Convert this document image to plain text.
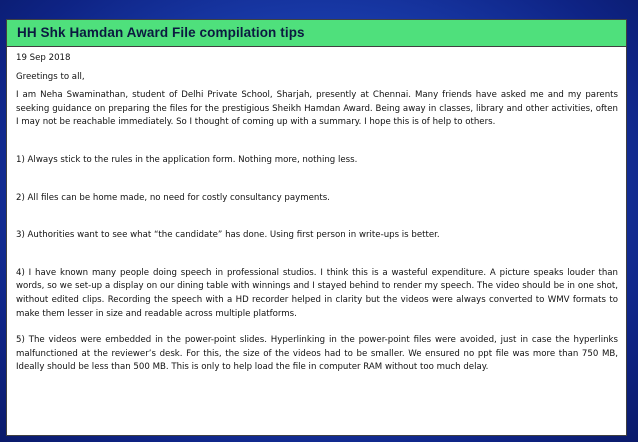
HH Shk Hamdan Award File compilation tips

19 Sep 2018

Greetings to all,

I am Neha Swaminathan, student of Delhi Private School, Sharjah, presently at Chennai. Many friends have asked me and my parents seeking guidance on preparing the files for the prestigious Sheikh Hamdan Award. Being away in classes, library and other activities, often I may not be reachable immediately. So I thought of coming up with a summary. I hope this is of help to others.

1) Always stick to the rules in the application form. Nothing more, nothing less.

2) All files can be home made, no need for costly consultancy payments.

3) Authorities want to see what “the candidate” has done. Using first person in write-ups is better.

4) I have known many people doing speech in professional studios. I think this is a wasteful expenditure. A picture speaks louder than words, so we set-up a display on our dining table with winnings and I stayed behind to render my speech. The video should be in one shot, without edited clips. Recording the speech with a HD recorder helped in clarity but the videos were always converted to WMV formats to make them lesser in size and readable across multiple platforms.

5) The videos were embedded in the power-point slides. Hyperlinking in the power-point files were avoided, just in case the hyperlinks malfunctioned at the reviewer’s desk. For this, the size of the videos had to be smaller. We ensured no ppt file was more than 750 MB, Ideally should be less than 500 MB. This is only to help load the file in computer RAM without too much delay.
